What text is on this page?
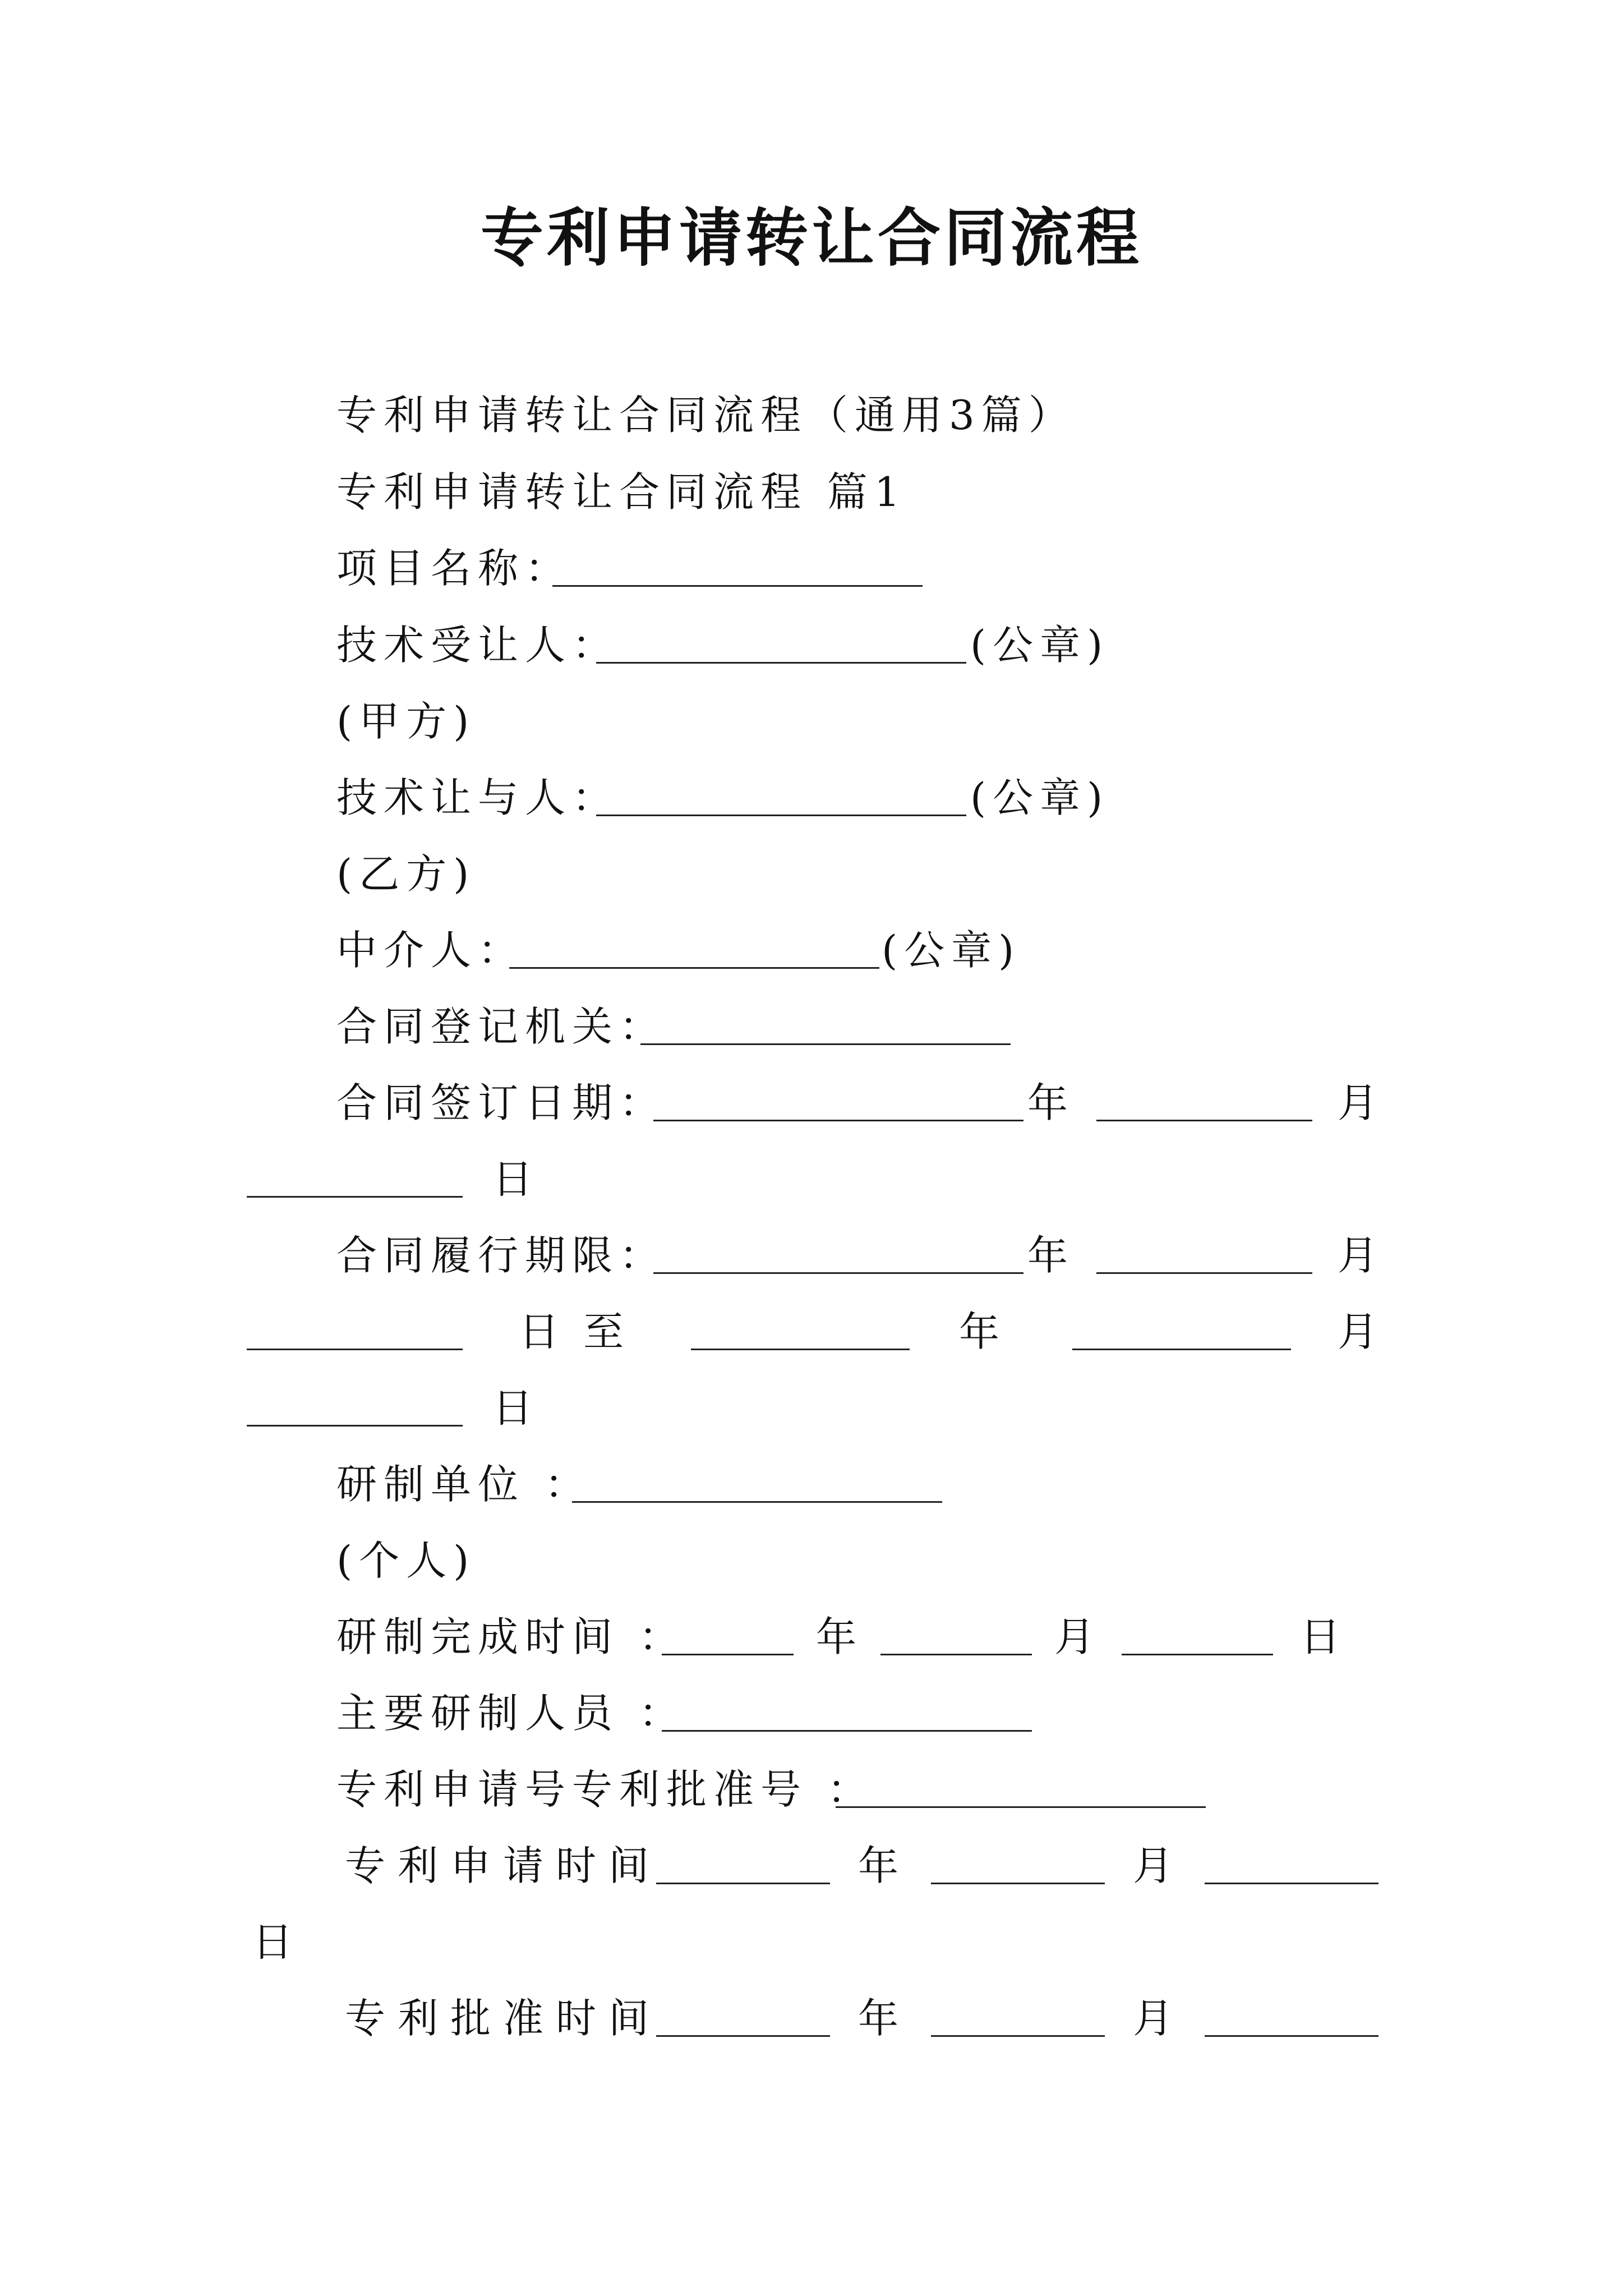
专利申请转让合同流程
专利申请转让合同流程（通用3篇）
专利申请转让合同流程 篇1
项目名称：
技术受让人：	(公章)
(甲方)
技术让与人：	(公章)
(乙方)
中介人：	(公章)
合同登记机关：
合同签订日期：	年	月
日
合同履行期限：	年	月
日 至	年	月
日
研制单位 ：
(个人)
研制完成时间 ：	年	月	日
主要研制人员 ：
专利申请号专利批准号 ：
专利申请时间	年	月
日
专利批准时间	年	月
